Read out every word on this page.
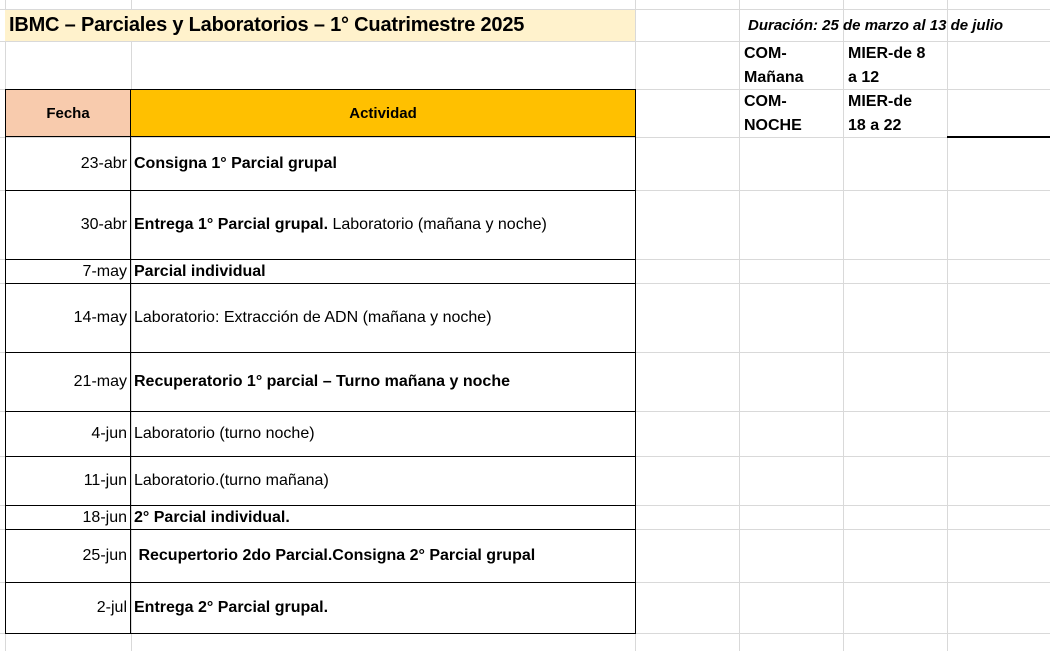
IBMC – Parciales y Laboratorios – 1° Cuatrimestre 2025	Duración: 25 de marzo al 13 de julio
COM-
Mañana
MIER-de 8
a 12
COM-
NOCHE
MIER-de
18 a 22
Fecha	Actividad
23-abr Consigna 1° Parcial grupal
30-abr Entrega 1° Parcial grupal. Laboratorio (mañana y noche)
7-may Parcial individual
14-may Laboratorio: Extracción de ADN (mañana y noche)
21-may Recuperatorio 1° parcial – Turno mañana y noche
4-jun Laboratorio (turno noche)
11-jun Laboratorio.(turno mañana)
18-jun 2° Parcial individual.
25-jun Recupertorio 2do Parcial.Consigna 2° Parcial grupal
2-jul Entrega 2° Parcial grupal.
